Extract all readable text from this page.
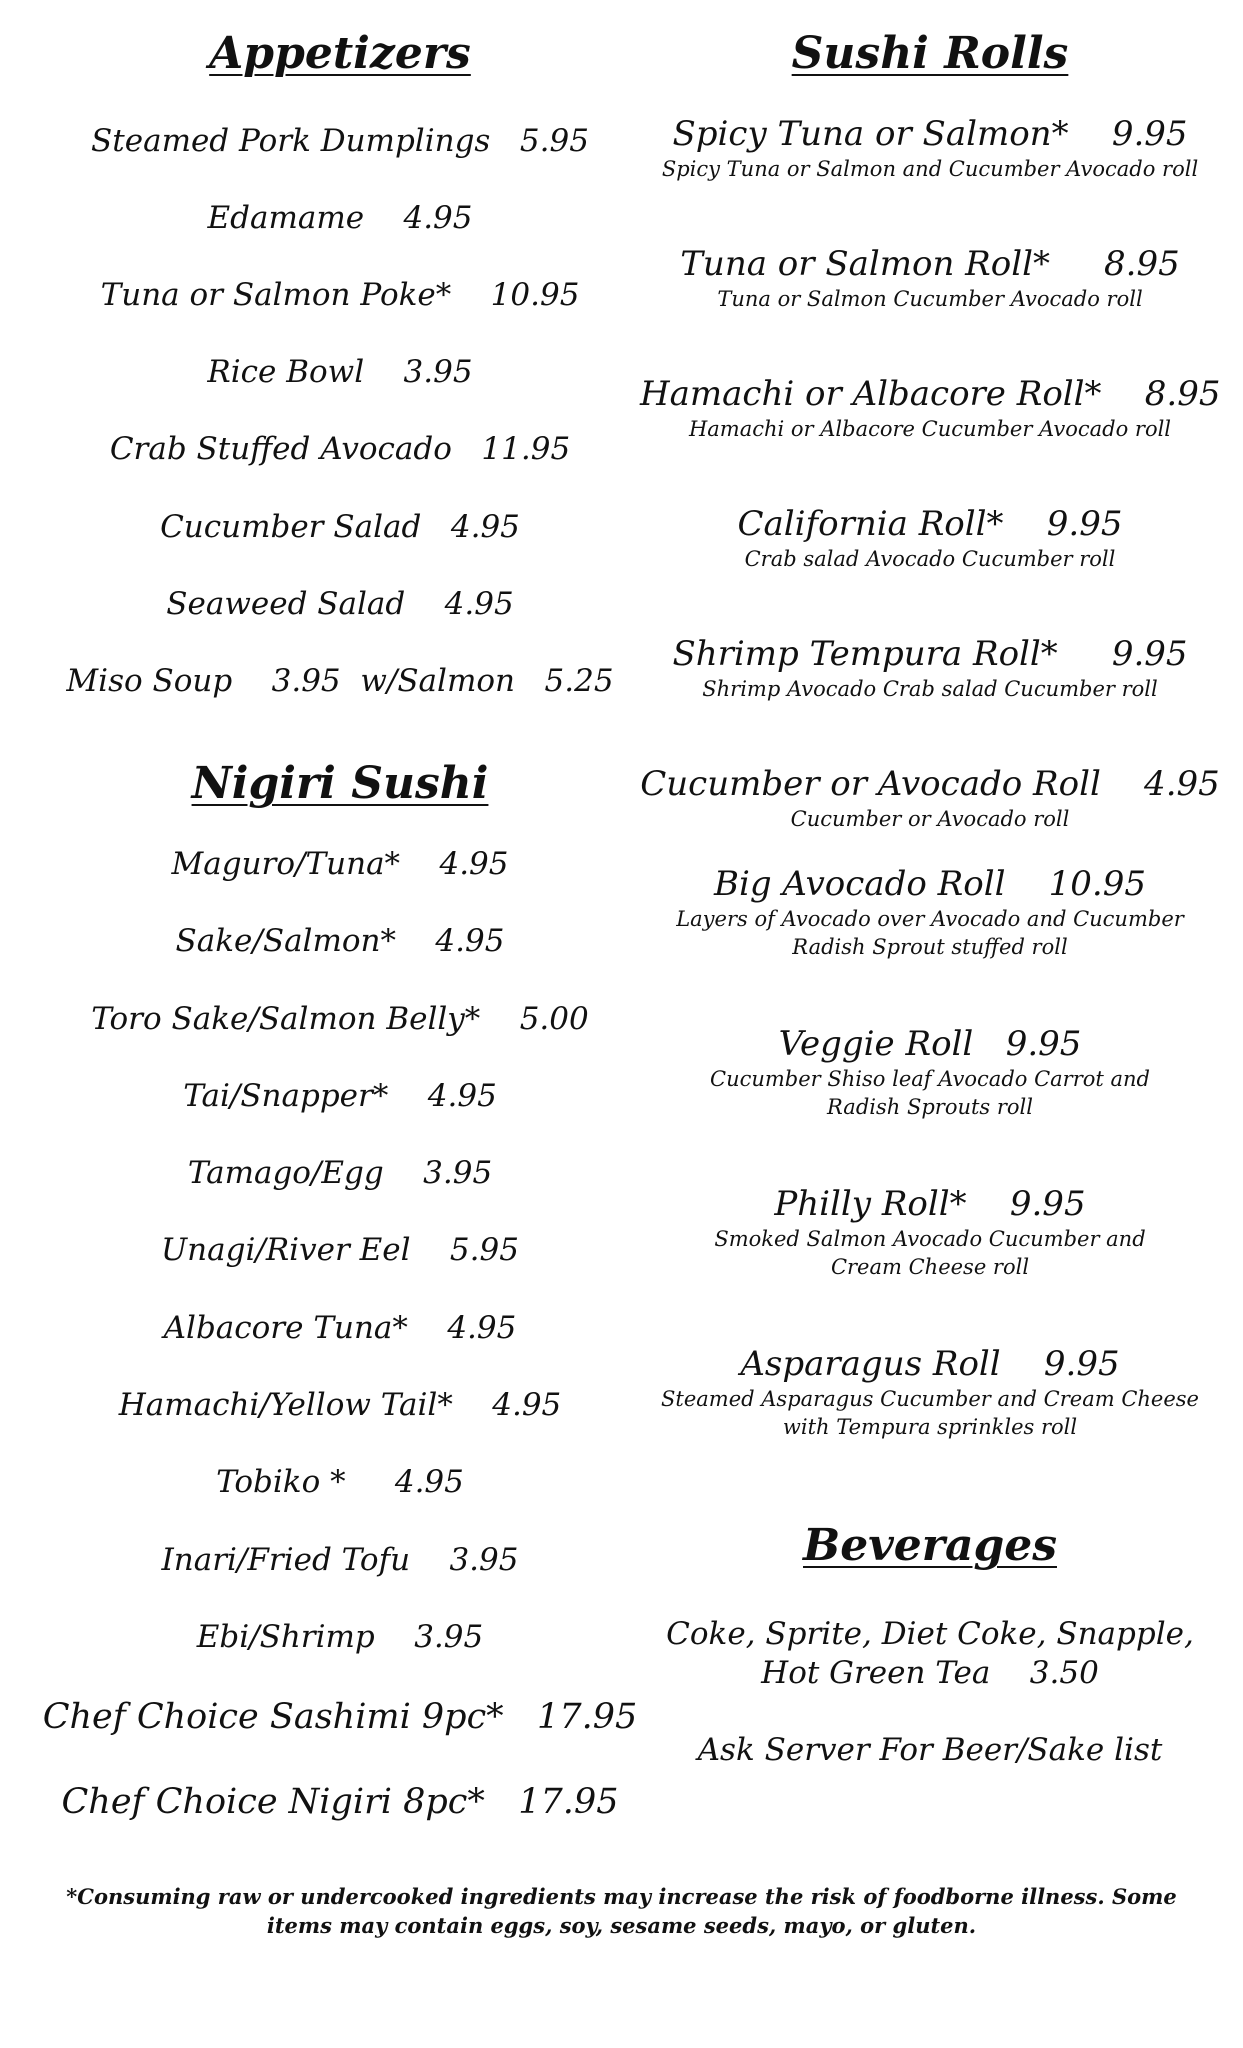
Appetizers
Steamed Pork Dumplings   5.95
Edamame    4.95
Tuna or Salmon Poke*    10.95
Rice Bowl    3.95
Crab Stuffed Avocado   11.95
Cucumber Salad   4.95
Seaweed Salad    4.95
Miso Soup    3.95  w/Salmon   5.25
Nigiri Sushi
Maguro/Tuna*    4.95
Sake/Salmon*    4.95
Toro Sake/Salmon Belly*    5.00
Tai/Snapper*    4.95
Tamago/Egg    3.95
Unagi/River Eel    5.95
Albacore Tuna*    4.95
Hamachi/Yellow Tail*    4.95
Tobiko *     4.95
Inari/Fried Tofu    3.95
Ebi/Shrimp    3.95
Chef Choice Sashimi 9pc*   17.95
Chef Choice Nigiri 8pc*   17.95
Sushi Rolls
Spicy Tuna or Salmon*    9.95
Spicy Tuna or Salmon and Cucumber Avocado roll
Tuna or Salmon Roll*     8.95
Tuna or Salmon Cucumber Avocado roll
Hamachi or Albacore Roll*    8.95
Hamachi or Albacore Cucumber Avocado roll
California Roll*    9.95
Crab salad Avocado Cucumber roll
Shrimp Tempura Roll*     9.95
Shrimp Avocado Crab salad Cucumber roll
Cucumber or Avocado Roll    4.95
Cucumber or Avocado roll
Big Avocado Roll    10.95
Layers of Avocado over Avocado and Cucumber Radish Sprout stuffed roll
Veggie Roll   9.95
Cucumber Shiso leaf Avocado Carrot and Radish Sprouts roll
Philly Roll*    9.95
Smoked Salmon Avocado Cucumber and Cream Cheese roll
Asparagus Roll    9.95
Steamed Asparagus Cucumber and Cream Cheese with Tempura sprinkles roll
Beverages
Coke, Sprite, Diet Coke, Snapple,
Hot Green Tea    3.50
Ask Server For Beer/Sake list
*Consuming raw or undercooked ingredients may increase the risk of foodborne illness. Some items may contain eggs, soy, sesame seeds, mayo, or gluten.
